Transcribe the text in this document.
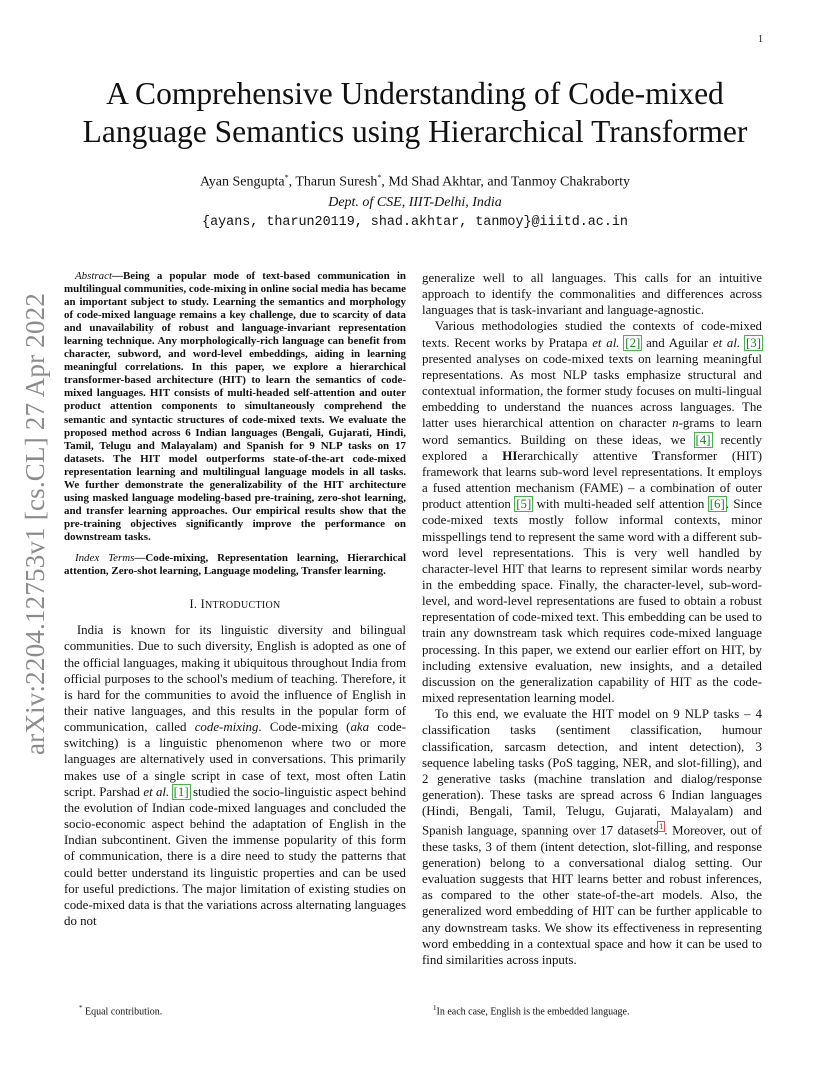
1
arXiv:2204.12753v1 [cs.CL] 27 Apr 2022
A Comprehensive Understanding of Code-mixed
Language Semantics using Hierarchical Transformer
Ayan Sengupta*, Tharun Suresh*, Md Shad Akhtar, and Tanmoy Chakraborty
Dept. of CSE, IIIT-Delhi, India
{ayans, tharun20119, shad.akhtar, tanmoy}@iiitd.ac.in

Abstract—Being a popular mode of text-based communication in multilingual communities, code-mixing in online social media has became an important subject to study. Learning the semantics and morphology of code-mixed language remains a key challenge, due to scarcity of data and unavailability of robust and language-invariant representation learning technique. Any morphologically-rich language can benefit from character, subword, and word-level embeddings, aiding in learning meaningful correlations. In this paper, we explore a hierarchical transformer-based architecture (HIT) to learn the semantics of code-mixed languages. HIT consists of multi-headed self-attention and outer product attention components to simultaneously comprehend the semantic and syntactic structures of code-mixed texts. We evaluate the proposed method across 6 Indian languages (Bengali, Gujarati, Hindi, Tamil, Telugu and Malayalam) and Spanish for 9 NLP tasks on 17 datasets. The HIT model outperforms state-of-the-art code-mixed representation learning and multilingual language models in all tasks. We further demonstrate the generalizability of the HIT architecture using masked language modeling-based pre-training, zero-shot learning, and transfer learning approaches. Our empirical results show that the pre-training objectives significantly improve the performance on downstream tasks.

Index Terms—Code-mixing, Representation learning, Hierarchical attention, Zero-shot learning, Language modeling, Transfer learning.

I. INTRODUCTION

India is known for its linguistic diversity and bilingual communities. Due to such diversity, English is adopted as one of the official languages, making it ubiquitous throughout India from official purposes to the school's medium of teaching. Therefore, it is hard for the communities to avoid the influence of English in their native languages, and this results in the popular form of communication, called code-mixing. Code-mixing (aka code-switching) is a linguistic phenomenon where two or more languages are alternatively used in conversations. This primarily makes use of a single script in case of text, most often Latin script. Parshad et al. [1] studied the socio-linguistic aspect behind the evolution of Indian code-mixed languages and concluded the socio-economic aspect behind the adaptation of English in the Indian subcontinent. Given the immense popularity of this form of communication, there is a dire need to study the patterns that could better understand its linguistic properties and can be used for useful predictions. The major limitation of existing studies on code-mixed data is that the variations across alternating languages do not

generalize well to all languages. This calls for an intuitive approach to identify the commonalities and differences across languages that is task-invariant and language-agnostic.

Various methodologies studied the contexts of code-mixed texts. Recent works by Pratapa et al. [2] and Aguilar et al. [3] presented analyses on code-mixed texts on learning meaningful representations. As most NLP tasks emphasize structural and contextual information, the former study focuses on multi-lingual embedding to understand the nuances across languages. The latter uses hierarchical attention on character n-grams to learn word semantics. Building on these ideas, we [4] recently explored a HIerarchically attentive Transformer (HIT) framework that learns sub-word level representations. It employs a fused attention mechanism (FAME) – a combination of outer product attention [5] with multi-headed self attention [6]. Since code-mixed texts mostly follow informal contexts, minor misspellings tend to represent the same word with a different sub-word level representations. This is very well handled by character-level HIT that learns to represent similar words nearby in the embedding space. Finally, the character-level, sub-word-level, and word-level representations are fused to obtain a robust representation of code-mixed text. This embedding can be used to train any downstream task which requires code-mixed language processing. In this paper, we extend our earlier effort on HIT, by including extensive evaluation, new insights, and a detailed discussion on the generalization capability of HIT as the code-mixed representation learning model.

To this end, we evaluate the HIT model on 9 NLP tasks – 4 classification tasks (sentiment classification, humour classification, sarcasm detection, and intent detection), 3 sequence labeling tasks (PoS tagging, NER, and slot-filling), and 2 generative tasks (machine translation and dialog/response generation). These tasks are spread across 6 Indian languages (Hindi, Bengali, Tamil, Telugu, Gujarati, Malayalam) and Spanish language, spanning over 17 datasets$^1$. Moreover, out of these tasks, 3 of them (intent detection, slot-filling, and response generation) belong to a conversational dialog setting. Our evaluation suggests that HIT learns better and robust inferences, as compared to the other state-of-the-art models. Also, the generalized word embedding of HIT can be further applicable to any downstream tasks. We show its effectiveness in representing word embedding in a contextual space and how it can be used to find similarities across inputs.

* Equal contribution.	$^1$In each case, English is the embedded language.
